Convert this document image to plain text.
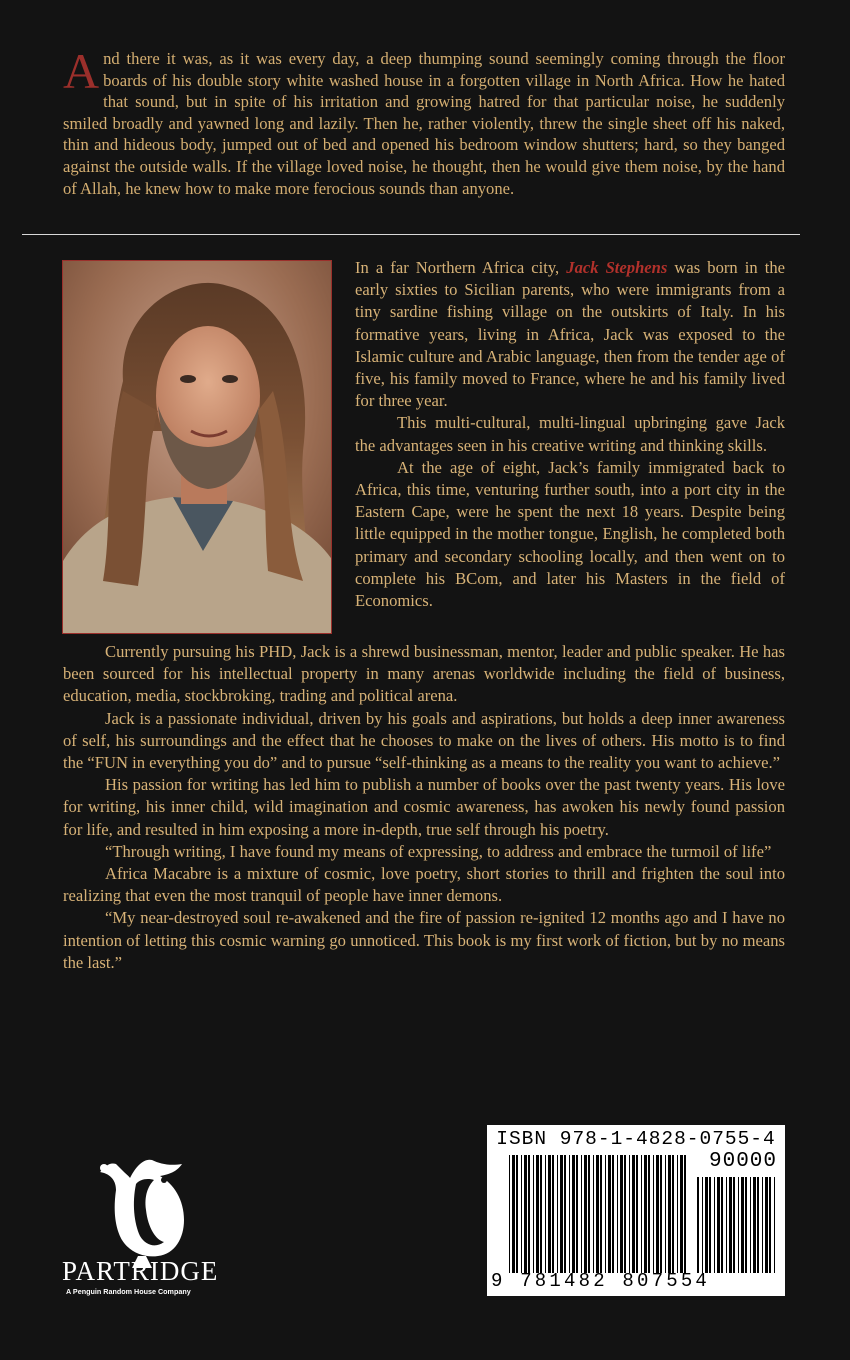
And there it was, as it was every day, a deep thumping sound seemingly coming through the floor boards of his double story white washed house in a forgotten village in North Africa. How he hated that sound, but in spite of his irritation and growing hatred for that particular noise, he suddenly smiled broadly and yawned long and lazily. Then he, rather violently, threw the single sheet off his naked, thin and hideous body, jumped out of bed and opened his bedroom window shutters; hard, so they banged against the outside walls. If the village loved noise, he thought, then he would give them noise, by the hand of Allah, he knew how to make more ferocious sounds than anyone.

In a far Northern Africa city, Jack Stephens was born in the early sixties to Sicilian parents, who were immigrants from a tiny sardine fishing village on the outskirts of Italy. In his formative years, living in Africa, Jack was exposed to the Islamic culture and Arabic language, then from the tender age of five, his family moved to France, where he and his family lived for three year.

This multi-cultural, multi-lingual upbringing gave Jack the advantages seen in his creative writing and thinking skills.

At the age of eight, Jack’s family immigrated back to Africa, this time, venturing further south, into a port city in the Eastern Cape, were he spent the next 18 years. Despite being little equipped in the mother tongue, English, he completed both primary and secondary schooling locally, and then went on to complete his BCom, and later his Masters in the field of Economics.

Currently pursuing his PHD, Jack is a shrewd businessman, mentor, leader and public speaker. He has been sourced for his intellectual property in many arenas worldwide including the field of business, education, media, stockbroking, trading and political arena.

Jack is a passionate individual, driven by his goals and aspirations, but holds a deep inner awareness of self, his surroundings and the effect that he chooses to make on the lives of others. His motto is to find the “FUN in everything you do” and to pursue “self-thinking as a means to the reality you want to achieve.”

His passion for writing has led him to publish a number of books over the past twenty years. His love for writing, his inner child, wild imagination and cosmic awareness, has awoken his newly found passion for life, and resulted in him exposing a more in-depth, true self through his poetry.

“Through writing, I have found my means of expressing, to address and embrace the turmoil of life”

Africa Macabre is a mixture of cosmic, love poetry, short stories to thrill and frighten the soul into realizing that even the most tranquil of people have inner demons.

“My near-destroyed soul re-awakened and the fire of passion re-ignited 12 months ago and I have no intention of letting this cosmic warning go unnoticed. This book is my first work of fiction, but by no means the last.”

PARTRIDGE
A Penguin Random House Company
ISBN 978-1-4828-0755-4
90000
9 781482 807554
